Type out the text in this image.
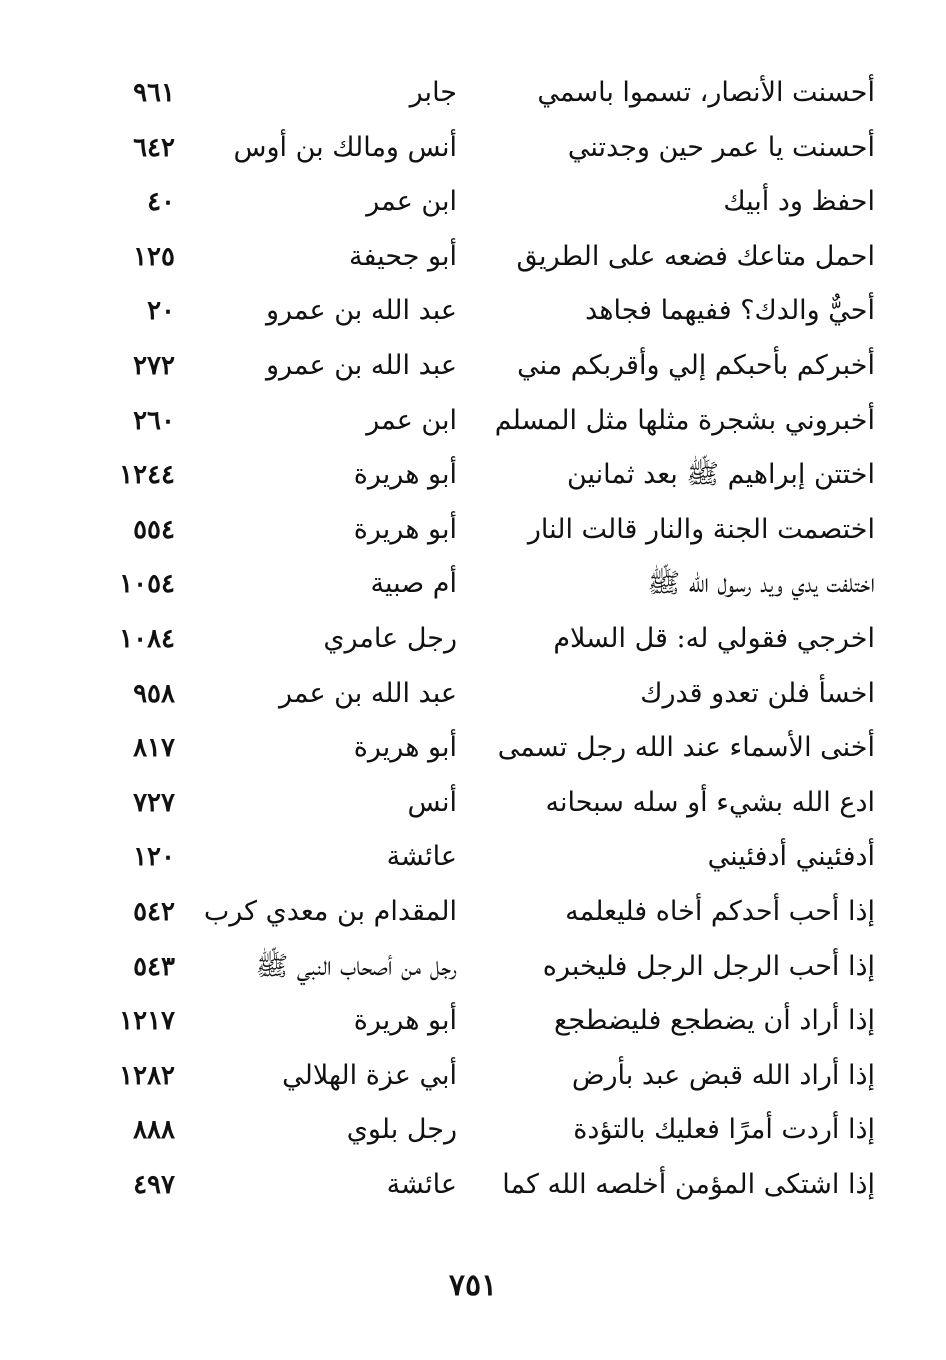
أحسنت الأنصار، تسموا باسمي
جابر
٩٦١
أحسنت يا عمر حين وجدتني
أنس ومالك بن أوس
٦٤٢
احفظ ود أبيك
ابن عمر
٤٠
احمل متاعك فضعه على الطريق
أبو جحيفة
١٢٥
أحيٌّ والدك؟ ففيهما فجاهد
عبد الله بن عمرو
٢٠
أخبركم بأحبكم إلي وأقربكم مني
عبد الله بن عمرو
٢٧٢
أخبروني بشجرة مثلها مثل المسلم
ابن عمر
٢٦٠
اختتن إبراهيم ﷺ بعد ثمانين
أبو هريرة
١٢٤٤
اختصمت الجنة والنار قالت النار
أبو هريرة
٥٥٤
اختلفت يدي ويد رسول الله ﷺ
أم صبية
١٠٥٤
اخرجي فقولي له: قل السلام
رجل عامري
١٠٨٤
اخسأ فلن تعدو قدرك
عبد الله بن عمر
٩٥٨
أخنى الأسماء عند الله رجل تسمى
أبو هريرة
٨١٧
ادع الله بشيء أو سله سبحانه
أنس
٧٢٧
أدفئيني أدفئيني
عائشة
١٢٠
إذا أحب أحدكم أخاه فليعلمه
المقدام بن معدي كرب
٥٤٢
إذا أحب الرجل الرجل فليخبره
رجل من أصحاب النبي ﷺ
٥٤٣
إذا أراد أن يضطجع فليضطجع
أبو هريرة
١٢١٧
إذا أراد الله قبض عبد بأرض
أبي عزة الهلالي
١٢٨٢
إذا أردت أمرًا فعليك بالتؤدة
رجل بلوي
٨٨٨
إذا اشتكى المؤمن أخلصه الله كما
عائشة
٤٩٧
٧٥١
